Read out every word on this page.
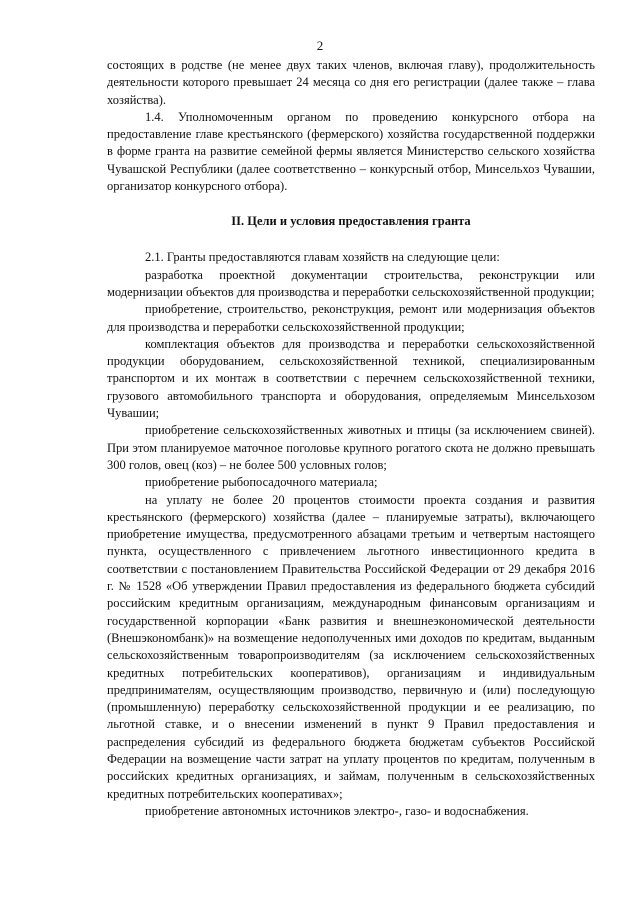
2

состоящих в родстве (не менее двух таких членов, включая главу), продолжительность деятельности которого превышает 24 месяца со дня его регистрации (далее также – глава хозяйства).

1.4. Уполномоченным органом по проведению конкурсного отбора на предоставление главе крестьянского (фермерского) хозяйства государственной поддержки в форме гранта на развитие семейной фермы является Министерство сельского хозяйства Чувашской Республики (далее соответственно – конкурсный отбор, Минсельхоз Чувашии, организатор конкурсного отбора).

II. Цели и условия предоставления гранта

2.1. Гранты предоставляются главам хозяйств на следующие цели:

разработка проектной документации строительства, реконструкции или модернизации объектов для производства и переработки сельскохозяйственной продукции;

приобретение, строительство, реконструкция, ремонт или модернизация объектов для производства и переработки сельскохозяйственной продукции;

комплектация объектов для производства и переработки сельскохозяйственной продукции оборудованием, сельскохозяйственной техникой, специализированным транспортом и их монтаж в соответствии с перечнем сельскохозяйственной техники, грузового автомобильного транспорта и оборудования, определяемым Минсельхозом Чувашии;

приобретение сельскохозяйственных животных и птицы (за исключением свиней). При этом планируемое маточное поголовье крупного рогатого скота не должно превышать 300 голов, овец (коз) – не более 500 условных голов;

приобретение рыбопосадочного материала;

на уплату не более 20 процентов стоимости проекта создания и развития крестьянского (фермерского) хозяйства (далее – планируемые затраты), включающего приобретение имущества, предусмотренного абзацами третьим и четвертым настоящего пункта, осуществленного с привлечением льготного инвестиционного кредита в соответствии с постановлением Правительства Российской Федерации от 29 декабря 2016 г. № 1528 «Об утверждении Правил предоставления из федерального бюджета субсидий российским кредитным организациям, международным финансовым организациям и государственной корпорации «Банк развития и внешнеэкономической деятельности (Внешэкономбанк)» на возмещение недополученных ими доходов по кредитам, выданным сельскохозяйственным товаропроизводителям (за исключением сельскохозяйственных кредитных потребительских кооперативов), организациям и индивидуальным предпринимателям, осуществляющим производство, первичную и (или) последующую (промышленную) переработку сельскохозяйственной продукции и ее реализацию, по льготной ставке, и о внесении изменений в пункт 9 Правил предоставления и распределения субсидий из федерального бюджета бюджетам субъектов Российской Федерации на возмещение части затрат на уплату процентов по кредитам, полученным в российских кредитных организациях, и займам, полученным в сельскохозяйственных кредитных потребительских кооперативах»;

приобретение автономных источников электро-, газо- и водоснабжения.
